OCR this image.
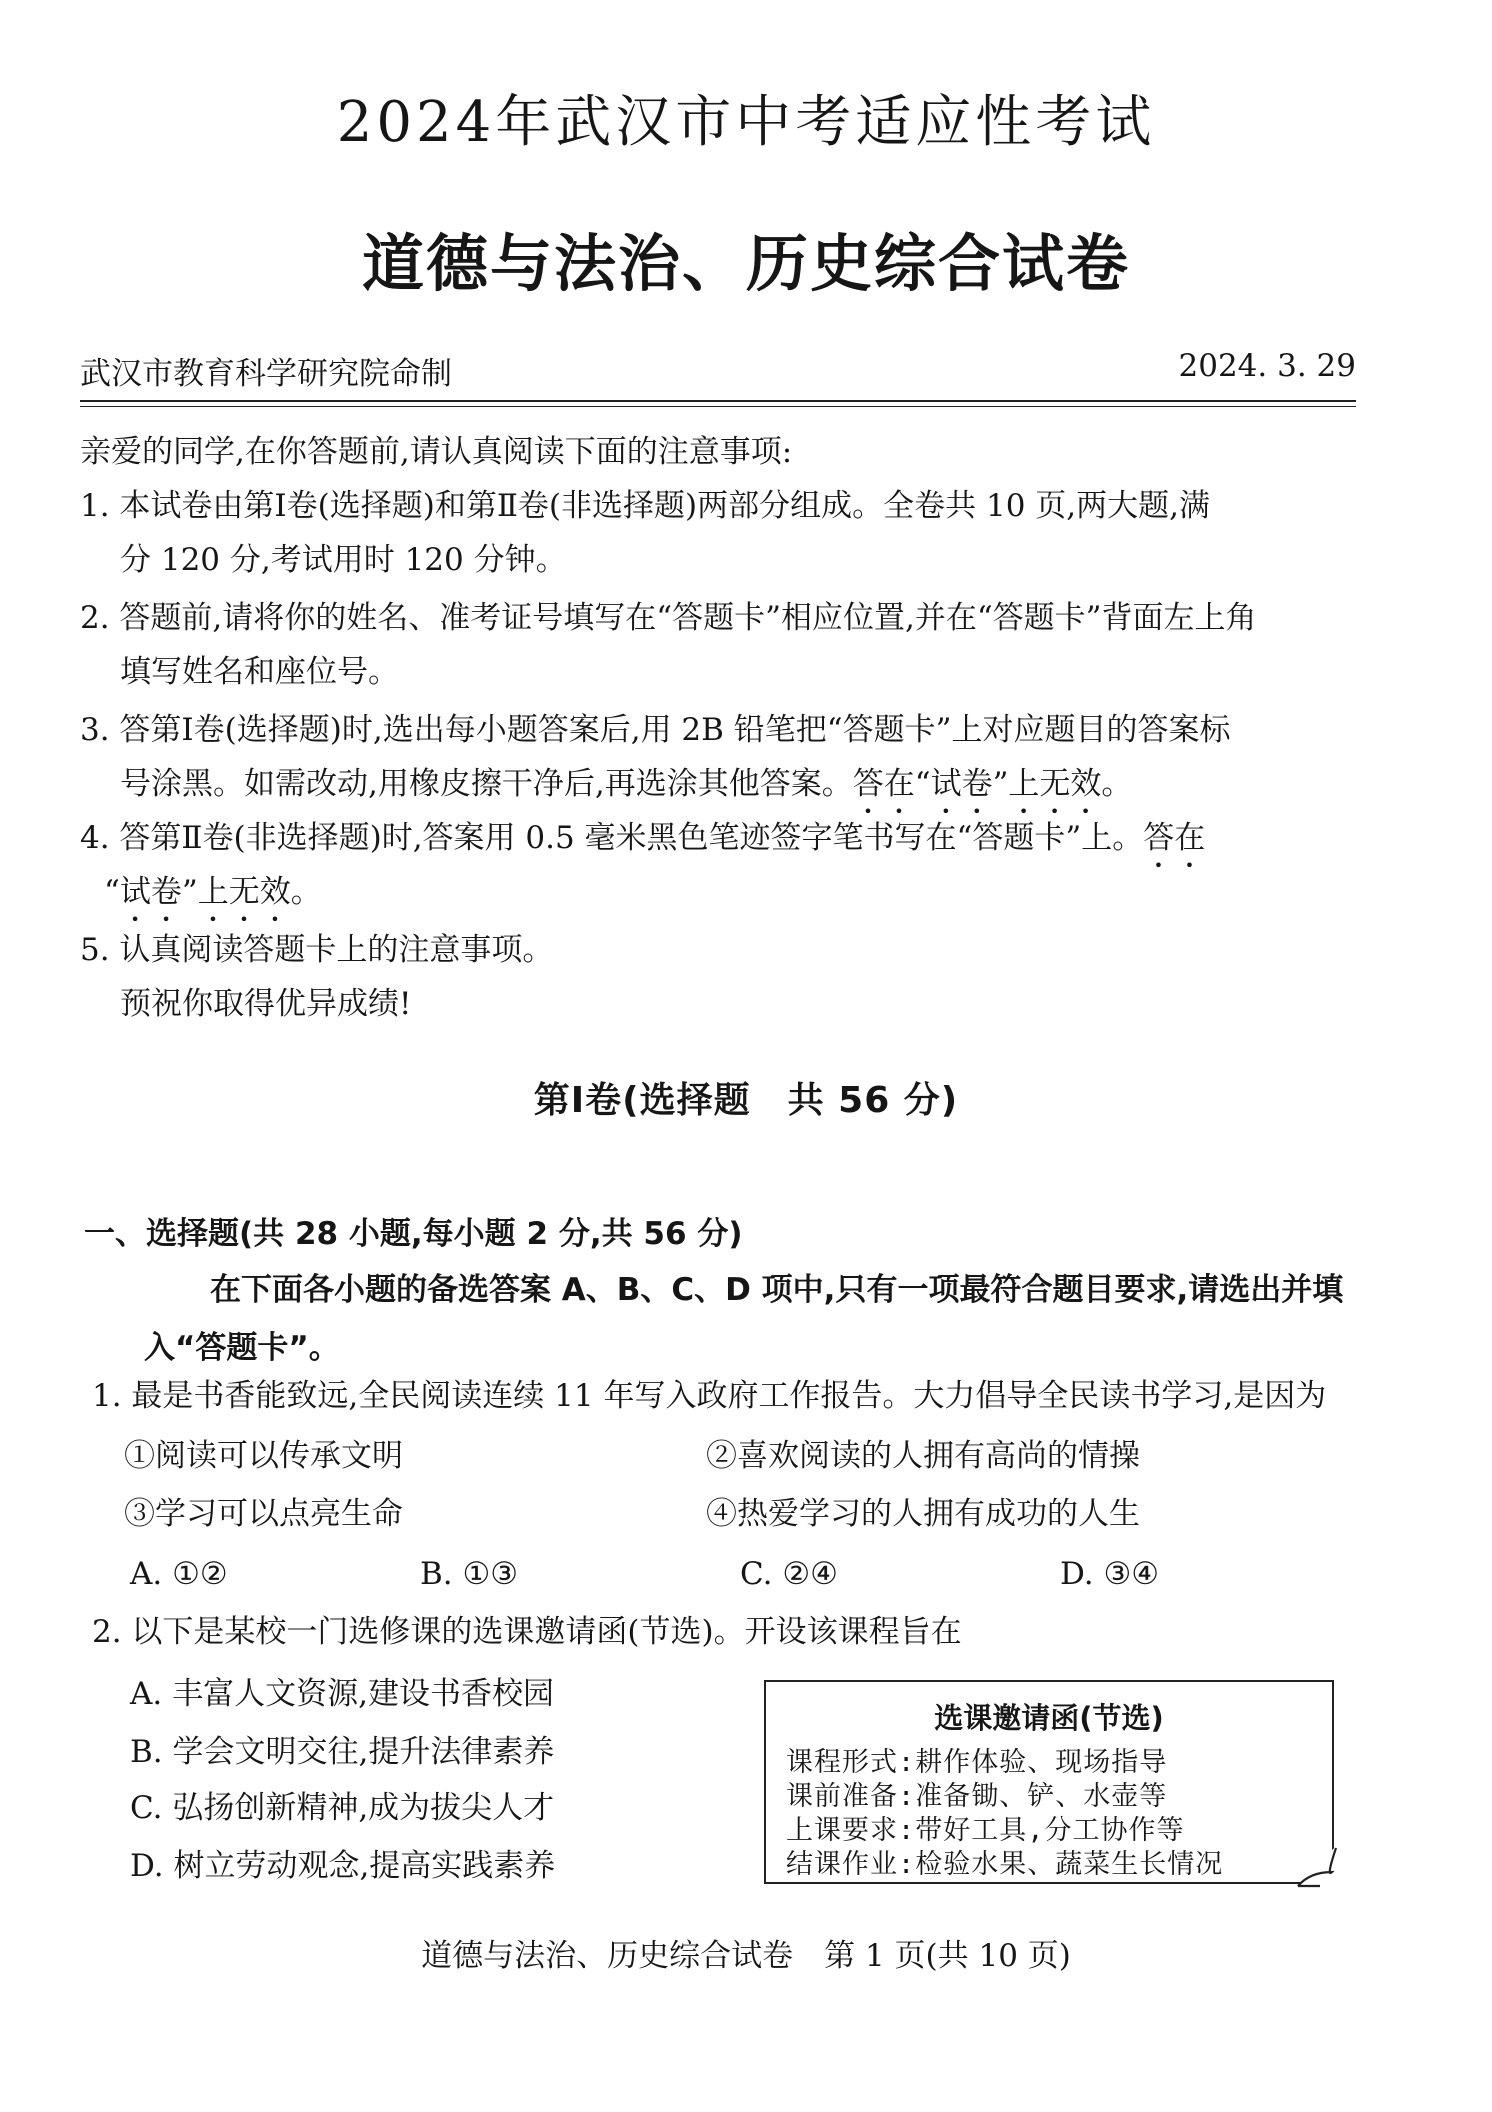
2024年武汉市中考适应性考试
道德与法治、历史综合试卷
武汉市教育科学研究院命制	2024. 3. 29
亲爱的同学,在你答题前,请认真阅读下面的注意事项:
1. 本试卷由第Ⅰ卷(选择题)和第Ⅱ卷(非选择题)两部分组成。全卷共 10 页,两大题,满
分 120 分,考试用时 120 分钟。
2. 答题前,请将你的姓名、准考证号填写在“答题卡”相应位置,并在“答题卡”背面左上角
填写姓名和座位号。
3. 答第Ⅰ卷(选择题)时,选出每小题答案后,用 2B 铅笔把“答题卡”上对应题目的答案标
号涂黑。如需改动,用橡皮擦干净后,再选涂其他答案。答在“试卷”上无效。
4. 答第Ⅱ卷(非选择题)时,答案用 0.5 毫米黑色笔迹签字笔书写在“答题卡”上。答在
“试卷”上无效。
5. 认真阅读答题卡上的注意事项。
预祝你取得优异成绩!
第Ⅰ卷(选择题　共 56 分)
一、选择题(共 28 小题,每小题 2 分,共 56 分)
在下面各小题的备选答案 A、B、C、D 项中,只有一项最符合题目要求,请选出并填
入“答题卡”。
1. 最是书香能致远,全民阅读连续 11 年写入政府工作报告。大力倡导全民读书学习,是因为
①阅读可以传承文明	②喜欢阅读的人拥有高尚的情操
③学习可以点亮生命	④热爱学习的人拥有成功的人生
A. ①②	B. ①③	C. ②④	D. ③④
2. 以下是某校一门选修课的选课邀请函(节选)。开设该课程旨在
A. 丰富人文资源,建设书香校园
B. 学会文明交往,提升法律素养
C. 弘扬创新精神,成为拔尖人才
D. 树立劳动观念,提高实践素养
选课邀请函(节选)
课程形式:耕作体验、现场指导
课前准备:准备锄、铲、水壶等
上课要求:带好工具,分工协作等
结课作业:检验水果、蔬菜生长情况
道德与法治、历史综合试卷　第 1 页(共 10 页)
